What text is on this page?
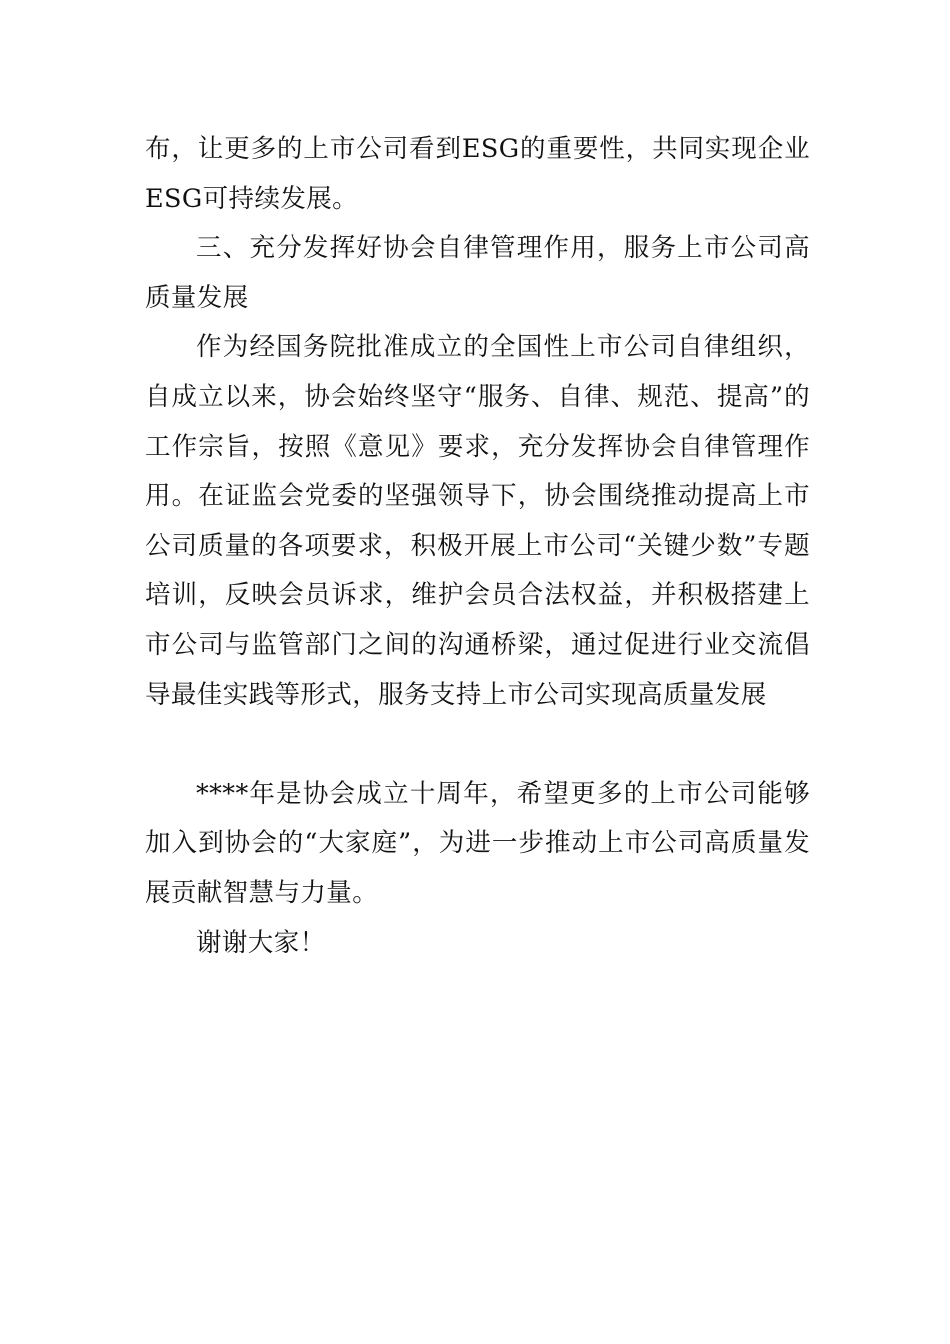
布，让更多的上市公司看到ESG的重要性，共同实现企业ESG可持续发展。

三、充分发挥好协会自律管理作用，服务上市公司高质量发展

作为经国务院批准成立的全国性上市公司自律组织，自成立以来，协会始终坚守“服务、自律、规范、提高”的工作宗旨，按照《意见》要求，充分发挥协会自律管理作用。在证监会党委的坚强领导下，协会围绕推动提高上市公司质量的各项要求，积极开展上市公司“关键少数”专题培训，反映会员诉求，维护会员合法权益，并积极搭建上市公司与监管部门之间的沟通桥梁，通过促进行业交流倡导最佳实践等形式，服务支持上市公司实现高质量发展

****年是协会成立十周年，希望更多的上市公司能够加入到协会的“大家庭”，为进一步推动上市公司高质量发展贡献智慧与力量。

谢谢大家！
